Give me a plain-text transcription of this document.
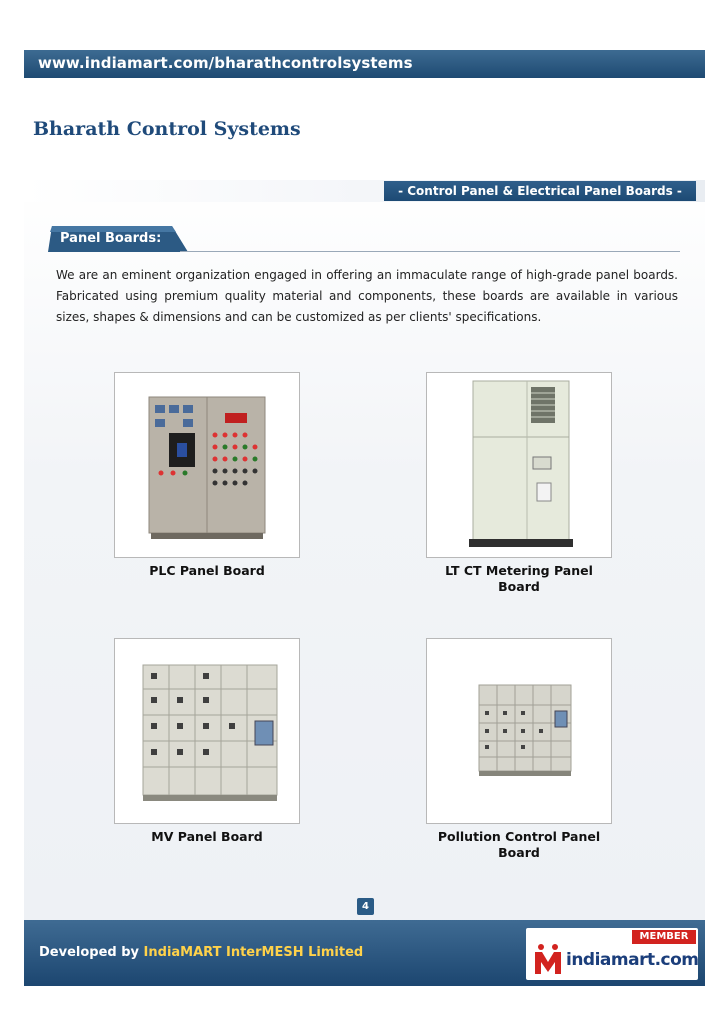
www.indiamart.com/bharathcontrolsystems
Bharath Control Systems
- Control Panel & Electrical Panel Boards -
Panel Boards:

We are an eminent organization engaged in offering an immaculate range of high-grade panel boards. Fabricated using premium quality material and components, these boards are available in various sizes, shapes & dimensions and can be customized as per clients' specifications.

PLC Panel Board	LT CT Metering Panel Board
MV Panel Board	Pollution Control Panel Board
4
Developed by IndiaMART InterMESH Limited
MEMBER
indiamart.com
